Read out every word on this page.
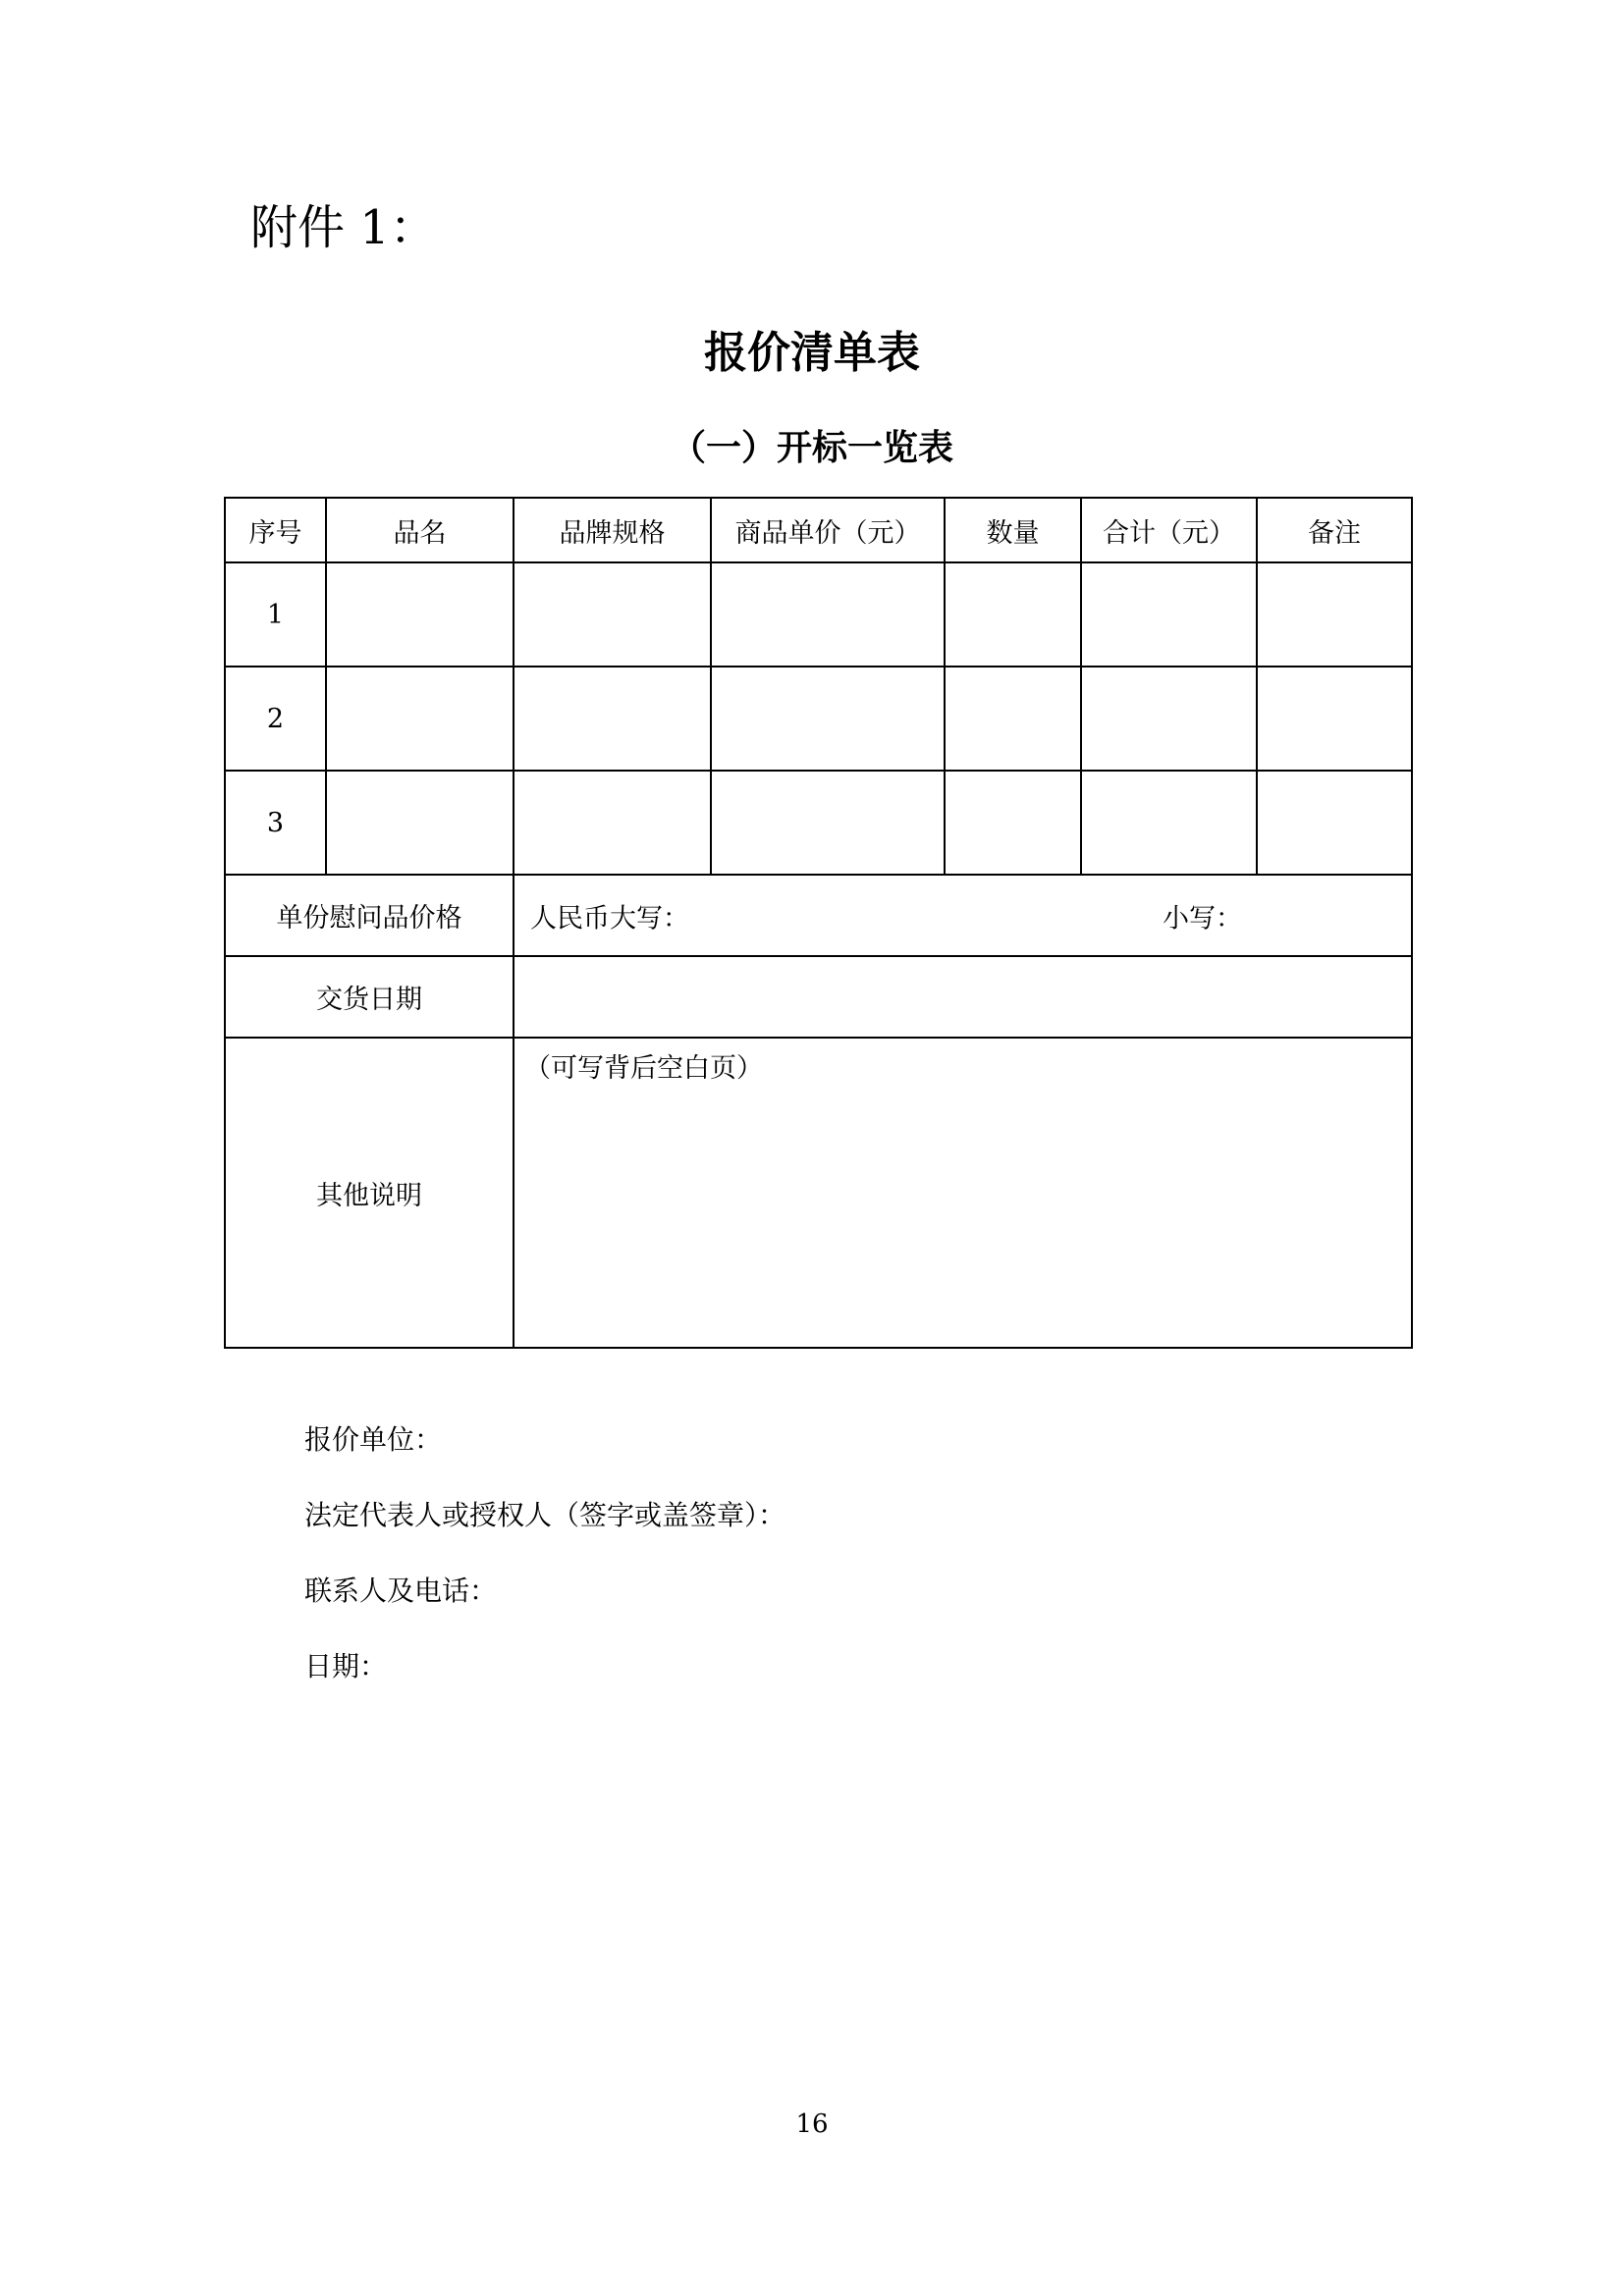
附件 1：
报价清单表
（一）开标一览表
序号	品名	品牌规格	商品单价（元）	数量	合计（元）	备注
1						
2						
3						
单份慰问品价格		人民币大写： 小写：				

交货日期						
其他说明		（可写背后空白页）				
报价单位：
法定代表人或授权人（签字或盖签章）：
联系人及电话：
日期：
16
